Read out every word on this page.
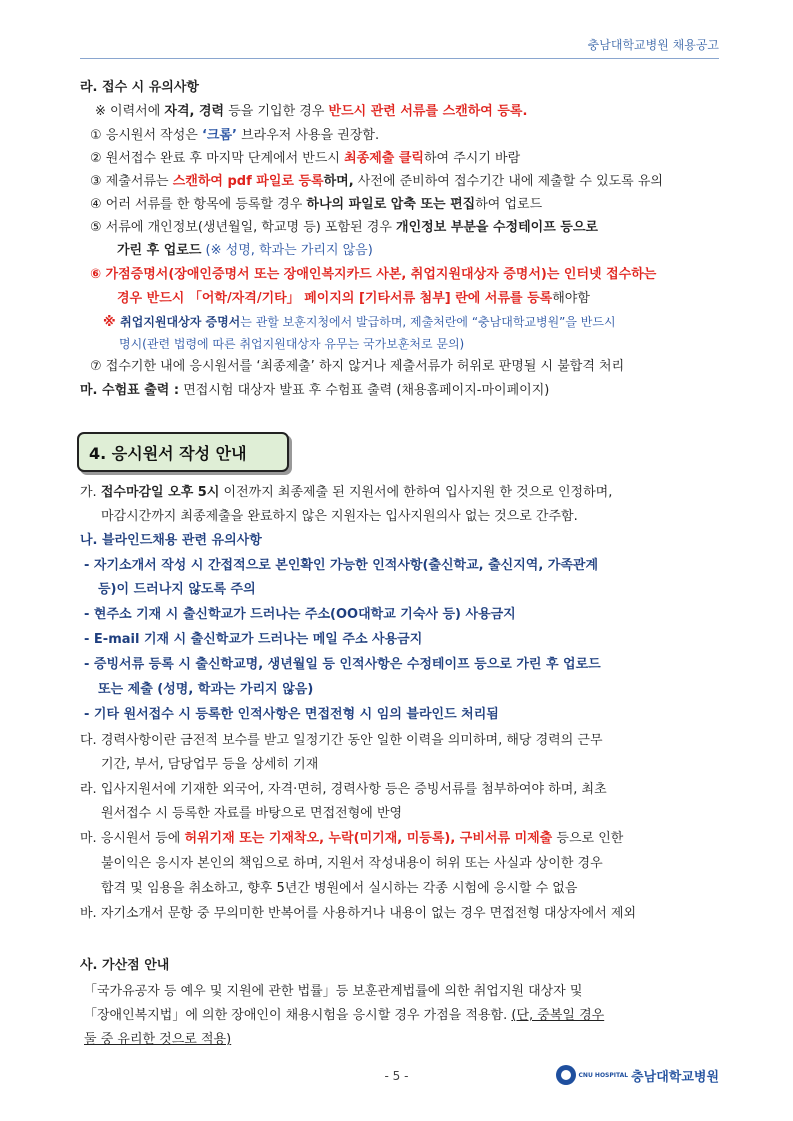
충남대학교병원 채용공고
라. 접수 시 유의사항
※ 이력서에 자격, 경력 등을 기입한 경우 반드시 관련 서류를 스캔하여 등록.
① 응시원서 작성은 ‘크롬’ 브라우저 사용을 권장함.
② 원서접수 완료 후 마지막 단계에서 반드시 최종제출 클릭하여 주시기 바람
③ 제출서류는 스캔하여 pdf 파일로 등록하며, 사전에 준비하여 접수기간 내에 제출할 수 있도록 유의
④ 어러 서류를 한 항목에 등록할 경우 하나의 파일로 압축 또는 편집하여 업로드
⑤ 서류에 개인정보(생년월일, 학교명 등) 포함된 경우 개인정보 부분을 수정테이프 등으로
가린 후 업로드 (※ 성명, 학과는 가리지 않음)
⑥ 가점증명서(장애인증명서 또는 장애인복지카드 사본, 취업지원대상자 증명서)는 인터넷 접수하는
경우 반드시 「어학/자격/기타」 페이지의 [기타서류 첨부] 란에 서류를 등록해야함
※ 취업지원대상자 증명서는 관할 보훈지청에서 발급하며, 제출처란에 “충남대학교병원”을 반드시
명시(관련 법령에 따른 취업지원대상자 유무는 국가보훈처로 문의)
⑦ 접수기한 내에 응시원서를 ‘최종제출’ 하지 않거나 제출서류가 허위로 판명될 시 불합격 처리
마. 수험표 출력 : 면접시험 대상자 발표 후 수험표 출력 (채용홈페이지-마이페이지)
4. 응시원서 작성 안내
가. 접수마감일 오후 5시 이전까지 최종제출 된 지원서에 한하여 입사지원 한 것으로 인정하며,
마감시간까지 최종제출을 완료하지 않은 지원자는 입사지원의사 없는 것으로 간주함.
나. 블라인드채용 관련 유의사항
- 자기소개서 작성 시 간접적으로 본인확인 가능한 인적사항(출신학교, 출신지역, 가족관계
등)이 드러나지 않도록 주의
- 현주소 기재 시 출신학교가 드러나는 주소(OO대학교 기숙사 등) 사용금지
- E-mail 기재 시 출신학교가 드러나는 메일 주소 사용금지
- 증빙서류 등록 시 출신학교명, 생년월일 등 인적사항은 수정테이프 등으로 가린 후 업로드
또는 제출 (성명, 학과는 가리지 않음)
- 기타 원서접수 시 등록한 인적사항은 면접전형 시 임의 블라인드 처리됨
다. 경력사항이란 금전적 보수를 받고 일정기간 동안 일한 이력을 의미하며, 해당 경력의 근무
기간, 부서, 담당업무 등을 상세히 기재
라. 입사지원서에 기재한 외국어, 자격·면허, 경력사항 등은 증빙서류를 첨부하여야 하며, 최초
원서접수 시 등록한 자료를 바탕으로 면접전형에 반영
마. 응시원서 등에 허위기재 또는 기재착오, 누락(미기재, 미등록), 구비서류 미제출 등으로 인한
불이익은 응시자 본인의 책임으로 하며, 지원서 작성내용이 허위 또는 사실과 상이한 경우
합격 및 임용을 취소하고, 향후 5년간 병원에서 실시하는 각종 시험에 응시할 수 없음
바. 자기소개서 문항 중 무의미한 반복어를 사용하거나 내용이 없는 경우 면접전형 대상자에서 제외
사. 가산점 안내
「국가유공자 등 예우 및 지원에 관한 법률」등 보훈관계법률에 의한 취업지원 대상자 및
「장애인복지법」에 의한 장애인이 채용시험을 응시할 경우 가점을 적용함. (단, 중복일 경우
둘 중 유리한 것으로 적용)
- 5 -	CNU HOSPITAL 충남대학교병원
